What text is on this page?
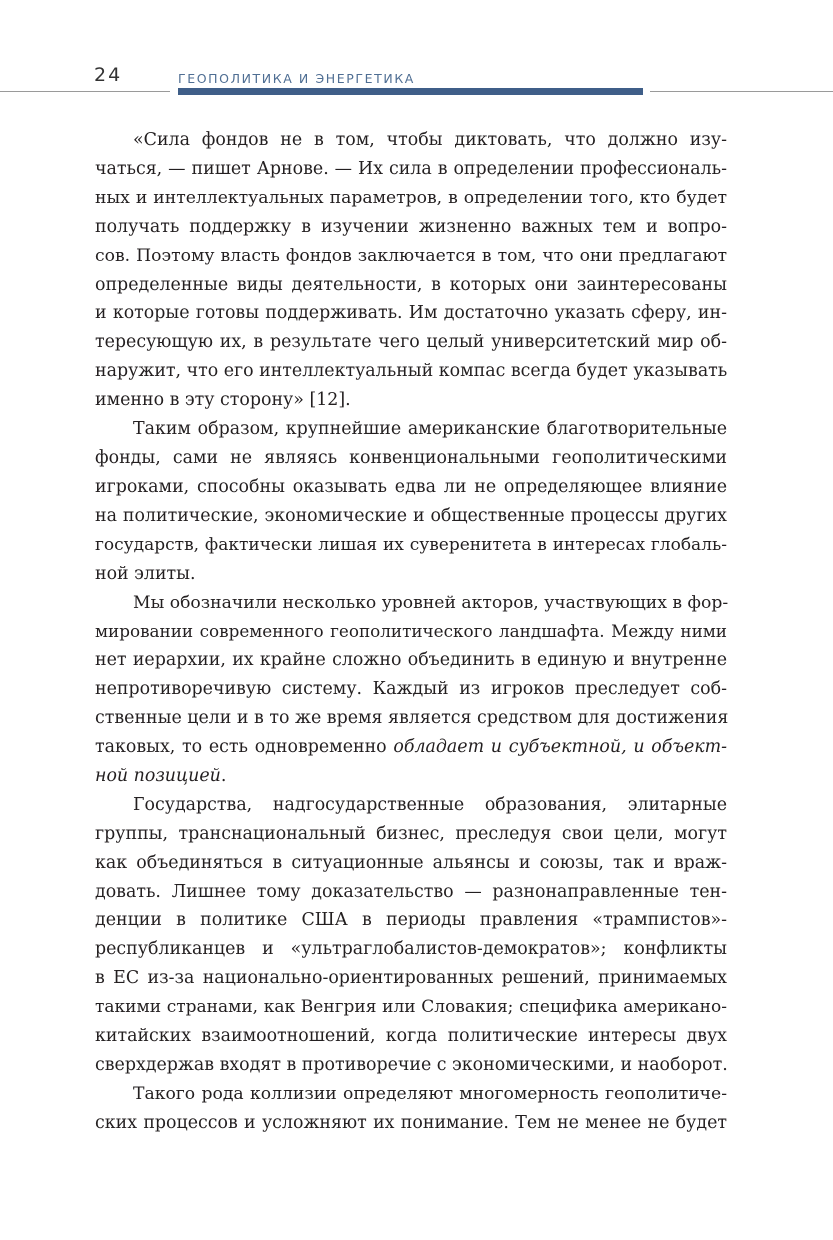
24	ГЕОПОЛИТИКА И ЭНЕРГЕТИКА
«Сила фондов не в том, чтобы диктовать, что должно изу-
чаться, — пишет Арнове. — Их сила в определении профессиональ-
ных и интеллектуальных параметров, в определении того, кто будет
получать поддержку в изучении жизненно важных тем и вопро-
сов. Поэтому власть фондов заключается в том, что они предлагают
определенные виды деятельности, в которых они заинтересованы
и которые готовы поддерживать. Им достаточно указать сферу, ин-
тересующую их, в результате чего целый университетский мир об-
наружит, что его интеллектуальный компас всегда будет указывать
именно в эту сторону» [12].
Таким образом, крупнейшие американские благотворительные
фонды, сами не являясь конвенциональными геополитическими
игроками, способны оказывать едва ли не определяющее влияние
на политические, экономические и общественные процессы других
государств, фактически лишая их суверенитета в интересах глобаль-
ной элиты.
Мы обозначили несколько уровней акторов, участвующих в фор-
мировании современного геополитического ландшафта. Между ними
нет иерархии, их крайне сложно объединить в единую и внутренне
непротиворечивую систему. Каждый из игроков преследует соб-
ственные цели и в то же время является средством для достижения
таковых, то есть одновременно обладает и субъектной, и объект-
ной позицией.
Государства, надгосударственные образования, элитарные
группы, транснациональный бизнес, преследуя свои цели, могут
как объединяться в ситуационные альянсы и союзы, так и враж-
довать. Лишнее тому доказательство — разнонаправленные тен-
денции в политике США в периоды правления «трампистов»-
республиканцев и «ультраглобалистов-демократов»; конфликты
в ЕС из-за национально-ориентированных решений, принимаемых
такими странами, как Венгрия или Словакия; специфика американо-
китайских взаимоотношений, когда политические интересы двух
сверхдержав входят в противоречие с экономическими, и наоборот.
Такого рода коллизии определяют многомерность геополитиче-
ских процессов и усложняют их понимание. Тем не менее не будет
